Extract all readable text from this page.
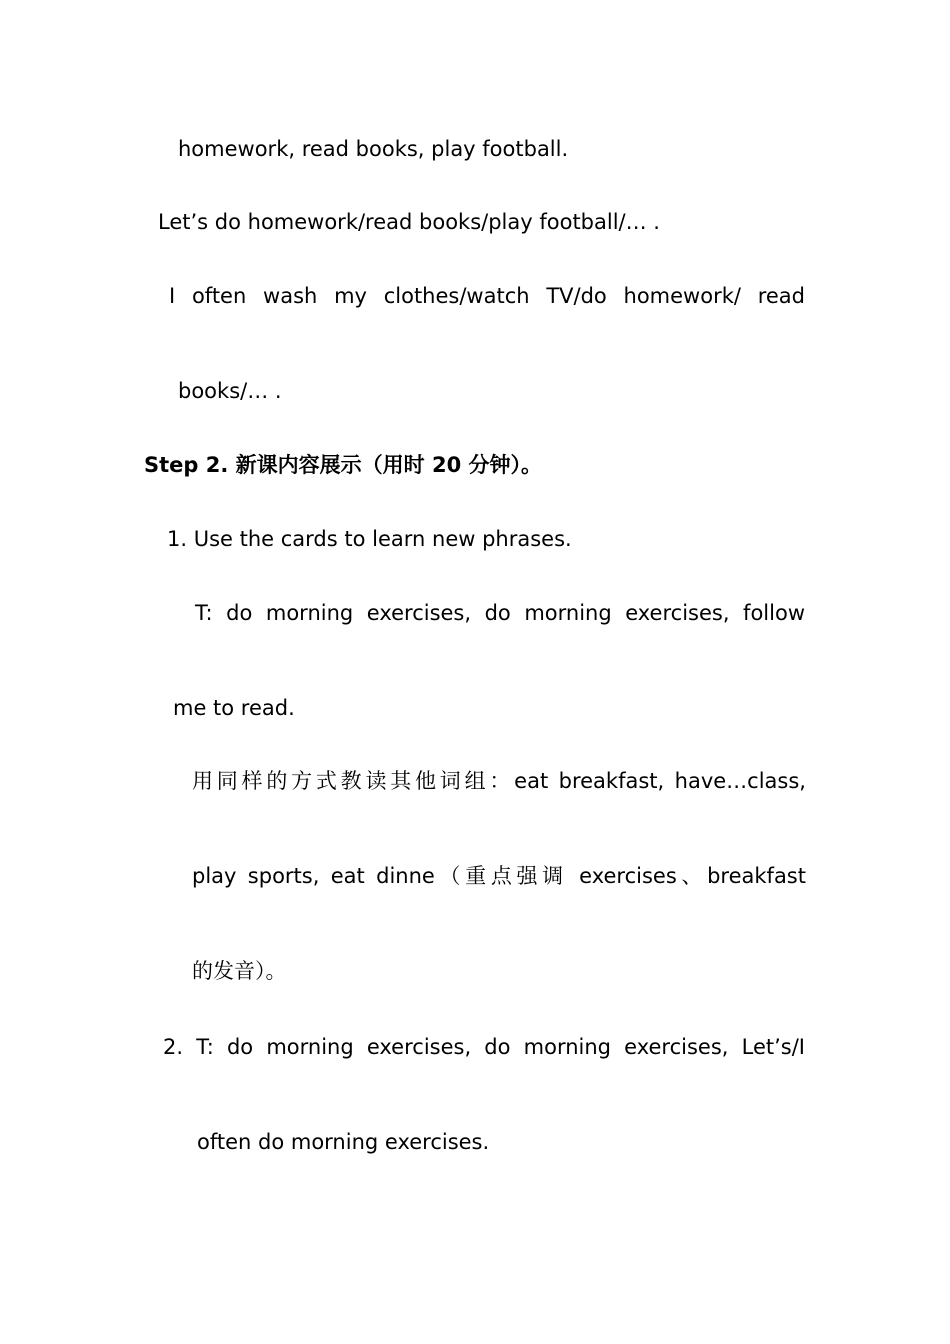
homework, read books, play football.
Let’s do homework/read books/play football/… .
I often wash my clothes/watch TV/do homework/ read
books/… .
Step 2. 新课内容展示（用时 20 分钟）。
1. Use the cards to learn new phrases.
T: do morning exercises, do morning exercises, follow
me to read.
用同样的方式教读其他词组：eat breakfast, have…class,
play sports, eat dinne（重点强调 exercises、breakfast
的发音）。
2. T: do morning exercises, do morning exercises, Let’s/I
often do morning exercises.
